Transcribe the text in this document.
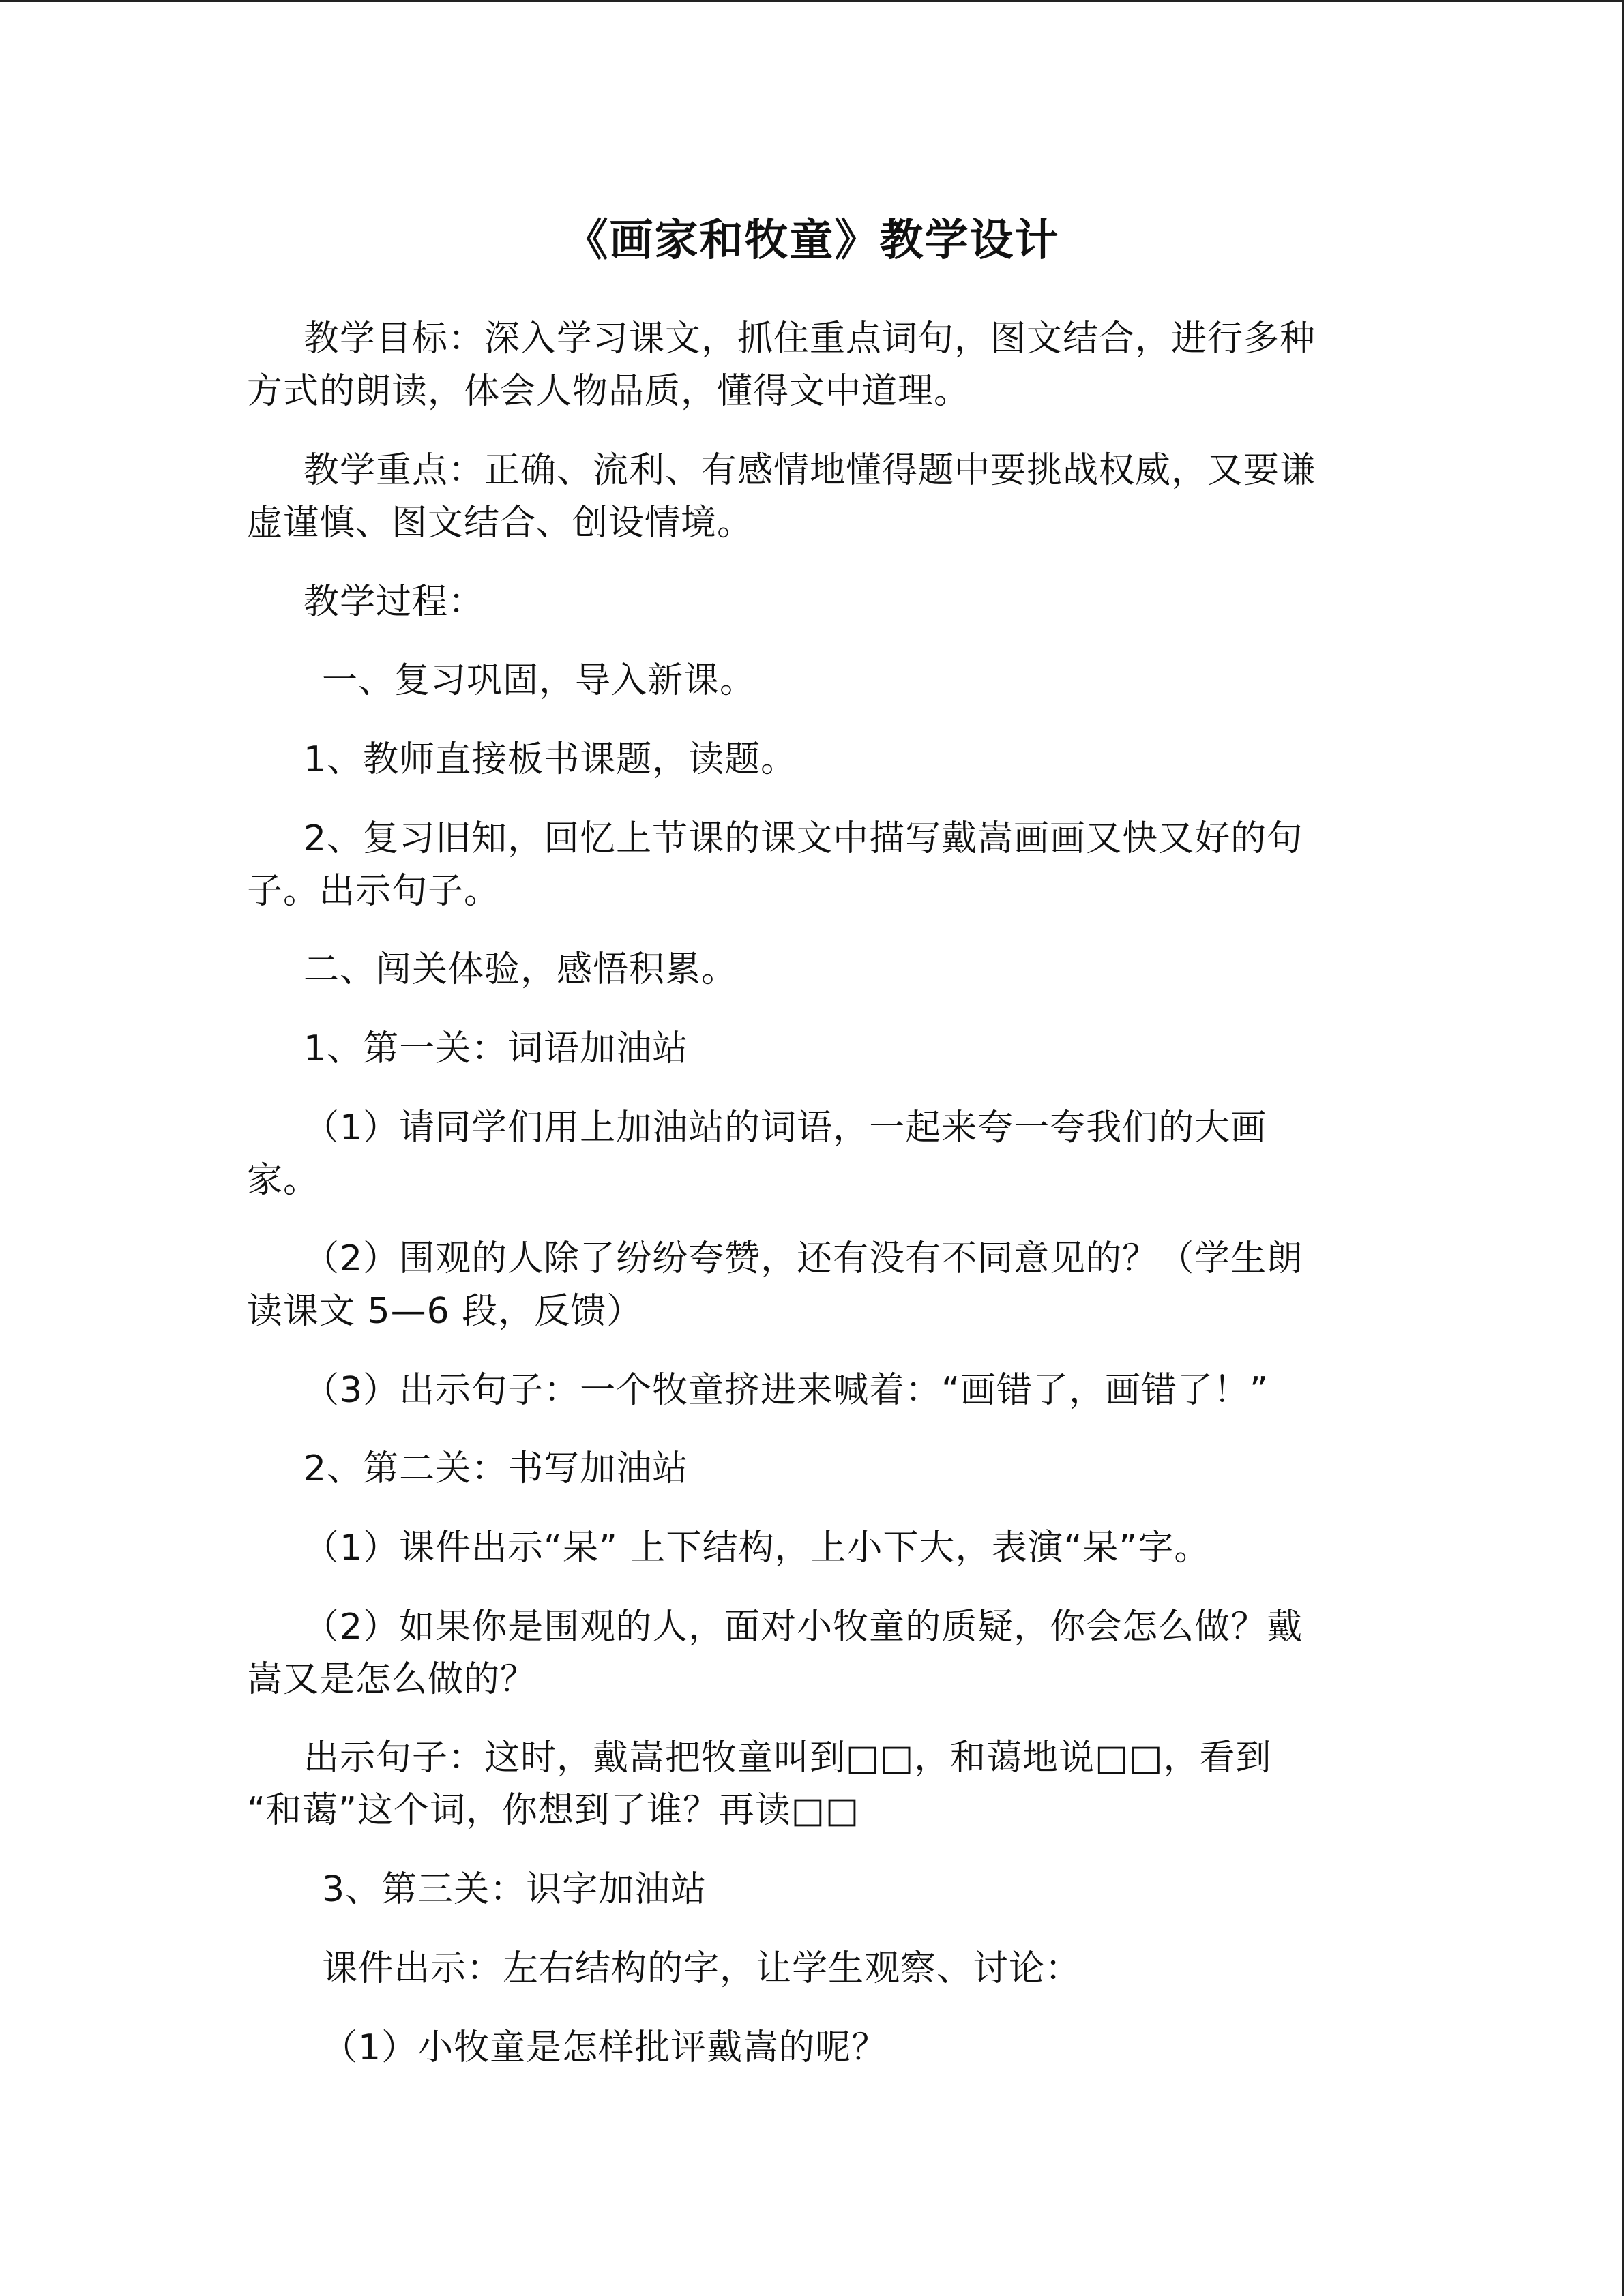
《画家和牧童》教学设计
教学目标：深入学习课文，抓住重点词句，图文结合，进行多种
方式的朗读，体会人物品质，懂得文中道理。
教学重点：正确、流利、有感情地懂得题中要挑战权威，又要谦
虚谨慎、图文结合、创设情境。
教学过程：
一、复习巩固，导入新课。
1、教师直接板书课题，读题。
2、复习旧知，回忆上节课的课文中描写戴嵩画画又快又好的句
子。出示句子。
二、闯关体验，感悟积累。
1、第一关：词语加油站
（1）请同学们用上加油站的词语，一起来夸一夸我们的大画
家。
（2）围观的人除了纷纷夸赞，还有没有不同意见的？（学生朗
读课文 5—6 段，反馈）
（3）出示句子：一个牧童挤进来喊着：“画错了，画错了！”
2、第二关：书写加油站
（1）课件出示“呆” 上下结构，上小下大，表演“呆”字。
（2）如果你是围观的人，面对小牧童的质疑，你会怎么做？戴
嵩又是怎么做的？
出示句子：这时，戴嵩把牧童叫到□□，和蔼地说□□，看到
“和蔼”这个词，你想到了谁？再读□□
3、第三关：识字加油站
课件出示：左右结构的字，让学生观察、讨论：
（1）小牧童是怎样批评戴嵩的呢？
